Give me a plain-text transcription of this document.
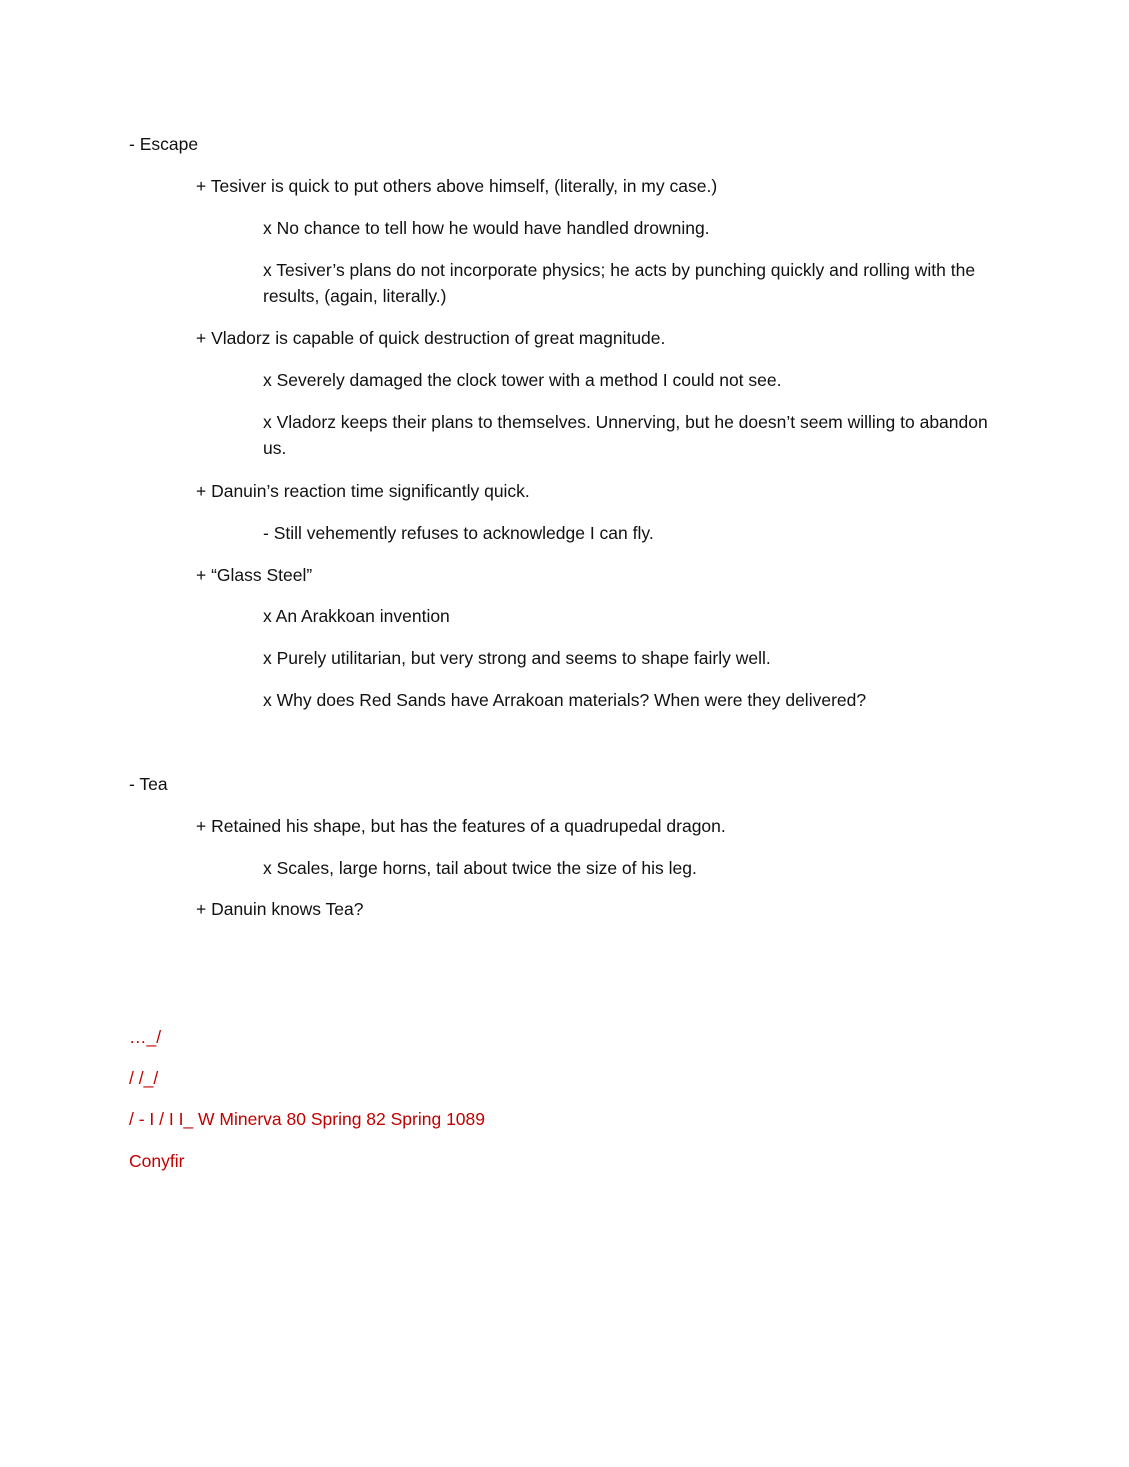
- Escape
+ Tesiver is quick to put others above himself, (literally, in my case.)
x No chance to tell how he would have handled drowning.
x Tesiver’s plans do not incorporate physics; he acts by punching quickly and rolling with the results, (again, literally.)
+ Vladorz is capable of quick destruction of great magnitude.
x Severely damaged the clock tower with a method I could not see.
x Vladorz keeps their plans to themselves. Unnerving, but he doesn’t seem willing to abandon us.
+ Danuin’s reaction time significantly quick.
- Still vehemently refuses to acknowledge I can fly.
+ “Glass Steel”
x An Arakkoan invention
x Purely utilitarian, but very strong and seems to shape fairly well.
x Why does Red Sands have Arrakoan materials? When were they delivered?
- Tea
+ Retained his shape, but has the features of a quadrupedal dragon.
x Scales, large horns, tail about twice the size of his leg.
+ Danuin knows Tea?
…_/
/ /_/
/ - I / I I_ W Minerva 80 Spring 82 Spring 1089
Conyfir
